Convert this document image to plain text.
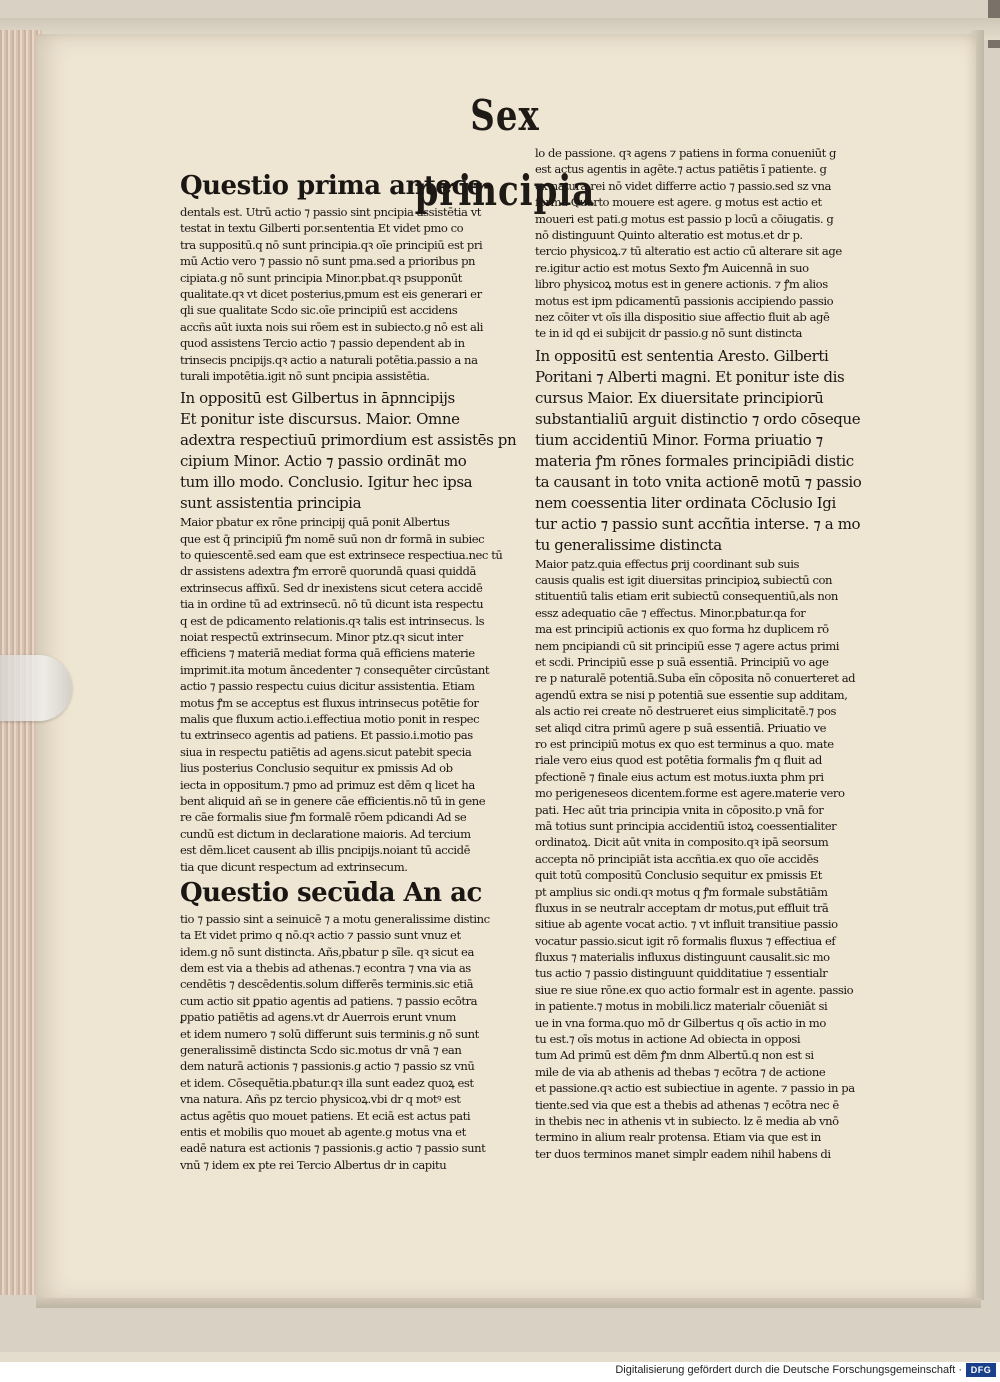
Sex principia
Questio prima antece-
dentals est. Utrū actio ⁊ passio sint pncipia assistētia vt
testat in textu Gilberti por.sententia Et videt pmo co
tra suppositū.q nō sunt principia.qꝛ oīe principiū est pri
mū Actio vero ⁊ passio nō sunt pma.sed a prioribus pn
cipiata.g nō sunt principia Minor.pbat.qꝛ psupponūt
qualitate.qꝛ vt dicet posterius,pmum est eis generari er
qli sue qualitate Scdo sic.oīe principiū est accidens
accñs aūt iuxta nois sui rōem est in subiecto.g nō est ali
quod assistens Tercio actio ⁊ passio dependent ab in
trinsecis pncipijs.qꝛ actio a naturali potētia.passio a na
turali impotētia.igit nō sunt pncipia assistētia.
In oppositū est Gilbertus in āpnncipijs
Et ponitur iste discursus. Maior. Omne
adextra respectiuū primordium est assistēs pn
cipium Minor. Actio ⁊ passio ordināt mo
tum illo modo. Conclusio. Igitur hec ipsa
sunt assistentia principia
Maior pbatur ex rōne principij quā ponit Albertus
que est q̄ principiū ꝭm nomē suū non dr formā in subiec
to quiescentē.sed eam que est extrinsece respectiua.nec tū
dr assistens adextra ꝭm errorē quorundā quasi quiddā
extrinsecus affixū. Sed dr inexistens sicut cetera accidē
tia in ordine tū ad extrinsecū. nō tū dicunt ista respectu
q est de pdicamento relationis.qꝛ talis est intrinsecus. ls
noiat respectū extrinsecum. Minor ptz.qꝛ sicut inter
efficiens ⁊ materiā mediat forma quā efficiens materie
imprimit.ita motum āncedenter ⁊ consequēter circūstant
actio ⁊ passio respectu cuius dicitur assistentia. Etiam
motus ꝭm se acceptus est fluxus intrinsecus potētie for
malis que fluxum actio.i.effectiua motio ponit in respec
tu extrinseco agentis ad patiens. Et passio.i.motio pas
siua in respectu patiētis ad agens.sicut patebit specia
lius posterius Conclusio sequitur ex pmissis Ad ob
iecta in oppositum.⁊ pmo ad primuz est dēm q licet ha
bent aliquid añ se in genere cāe efficientis.nō tū in gene
re cāe formalis siue ꝭm formalē rōem pdicandi Ad se
cundū est dictum in declaratione maioris. Ad tercium
est dēm.licet causent ab illis pncipijs.noiant tū accidē
tia que dicunt respectum ad extrinsecum.
Questio secūda An ac
tio ⁊ passio sint a seinuicē ⁊ a motu generalissime distinc
ta Et videt primo q nō.qꝛ actio ⁊ passio sunt vnuz et
idem.g nō sunt distincta. Añs,pbatur p sīle. qꝛ sicut ea
dem est via a thebis ad athenas.⁊ econtra ⁊ vna via as
cendētis ⁊ descēdentis.solum differēs terminis.sic etiā
cum actio sit ꝑpatio agentis ad patiens. ⁊ passio ecōtra
ꝑpatio patiētis ad agens.vt dr Auerrois erunt vnum
et idem numero ⁊ solū differunt suis terminis.g nō sunt
generalissimē distincta Scdo sic.motus dr vnā ⁊ ean
dem naturā actionis ⁊ passionis.g actio ⁊ passio sz vnū
et idem. Cōsequētia.pbatur.qꝛ illa sunt eadez quoꝝ est
vna natura. Añs pz tercio physicoꝝ.vbi dr q motꝰ est
actus agētis quo mouet patiens. Et eciā est actus pati
entis et mobilis quo mouet ab agente.g motus vna et
eadē natura est actionis ⁊ passionis.g actio ⁊ passio sunt
vnū ⁊ idem ex pte rei Tercio Albertus dr in capitu
lo de passione. qꝛ agens ⁊ patiens in forma conueniūt g
est actus agentis in agēte.⁊ actus patiētis ī patiente. g
ex natura rei nō videt differre actio ⁊ passio.sed sz vna
forma Quarto mouere est agere. g motus est actio et
moueri est pati.g motus est passio p locū a cōiugatis. g
nō distinguunt Quinto alteratio est motus.et dr p.
tercio physicoꝝ.⁊ tū alteratio est actio cū alterare sit age
re.igitur actio est motus Sexto ꝭm Auicennā in suo
libro physicoꝝ motus est in genere actionis. ⁊ ꝭm alios
motus est ipm pdicamentū passionis accipiendo passio
nez cōiter vt oīs illa dispositio siue affectio fluit ab agē
te in id qd ei subijcit dr passio.g nō sunt distincta
In oppositū est sententia Aresto. Gilberti
Poritani ⁊ Alberti magni. Et ponitur iste dis
cursus Maior. Ex diuersitate principiorū
substantialiū arguit distinctio ⁊ ordo cōseque
tium accidentiū Minor. Forma priuatio ⁊
materia ꝭm rōnes formales principiādi distic
ta causant in toto vnita actionē motū ⁊ passio
nem coessentia liter ordinata Cōclusio Igi
tur actio ⁊ passio sunt accñtia interse. ⁊ a mo
tu generalissime distincta
Maior patz.quia effectus ꝑrij coordinant sub suis
causis qualis est igit diuersitas principioꝝ subiectū con
stituentiū talis etiam erit subiectū consequentiū,als non
essz adequatio cāe ⁊ effectus. Minor.pbatur.qa for
ma est principiū actionis ex quo forma hz duplicem rō
nem pncipiandi cū sit principiū esse ⁊ agere actus primi
et scdi. Principiū esse p suā essentiā. Principiū vo age
re p naturalē potentiā.Suba eīn cōposita nō conuerteret ad
agendū extra se nisi p potentiā sue essentie sup additam,
als actio rei create nō destrueret eius simplicitatē.⁊ pos
set aliqd citra primū agere p suā essentiā. Priuatio ve
ro est principiū motus ex quo est terminus a quo. mate
riale vero eius quod est potētia formalis ꝭm q fluit ad
pfectionē ⁊ finale eius actum est motus.iuxta phm pri
mo perigeneseos dicentem.forme est agere.materie vero
pati. Hec aūt tria principia vnita in cōposito.p vnā for
mā totius sunt principia accidentiū istoꝝ coessentialiter
ordinatoꝝ. Dicit aūt vnita in composito.qꝛ ipā seorsum
accepta nō principiāt ista accñtia.ex quo oīe accidēs
quit totū compositū Conclusio sequitur ex pmissis Et
pt amplius sic ondi.qꝛ motus q ꝭm formale substātiām
fluxus in se neutralr acceptam dr motus,put effluit trā
sitiue ab agente vocat actio. ⁊ vt influit transitiue passio
vocatur passio.sicut igit rō formalis fluxus ⁊ effectiua ef
fluxus ⁊ materialis influxus distinguunt causalit.sic mo
tus actio ⁊ passio distinguunt quidditatiue ⁊ essentialr
siue re siue rōne.ex quo actio formalr est in agente. passio
in patiente.⁊ motus in mobili.licz materialr cōueniāt si
ue in vna forma.quo mō dr Gilbertus q oīs actio in mo
tu est.⁊ oīs motus in actione Ad obiecta in opposi
tum Ad primū est dēm ꝭm dnm Albertū.q non est si
mile de via ab athenis ad thebas ⁊ ecōtra ⁊ de actione
et passione.qꝛ actio est subiectiue in agente. ⁊ passio in pa
tiente.sed via que est a thebis ad athenas ⁊ ecōtra nec ē
in thebis nec in athenis vt in subiecto. lz ē media ab vnō
termino in alium realr protensa. Etiam via que est in
ter duos terminos manet simplr eadem nihil habens di
Digitalisierung gefördert durch die Deutsche Forschungsgemeinschaft · DFG
